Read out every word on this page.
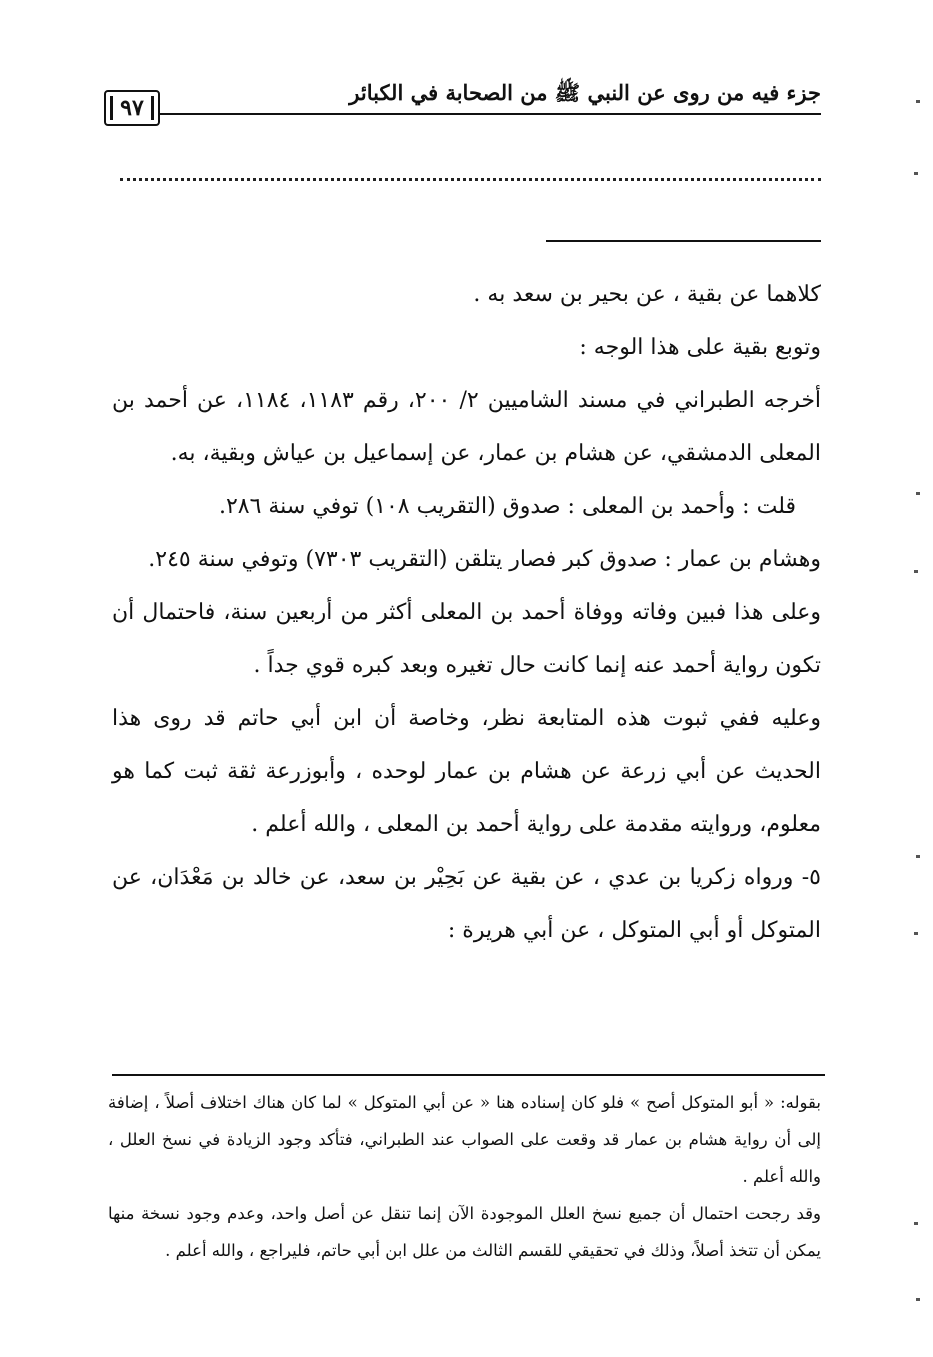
جزء فيه من روى عن النبي ﷺ من الصحابة في الكبائر
٩٧

كلاهما عن بقية ، عن بحير بن سعد به .

وتوبع بقية على هذا الوجه :

أخرجه الطبراني في مسند الشاميين ٢/ ٢٠٠، رقم ١١٨٣، ١١٨٤، عن أحمد بن المعلى الدمشقي، عن هشام بن عمار، عن إسماعيل بن عياش وبقية، به.

قلت : وأحمد بن المعلى : صدوق (التقريب ١٠٨) توفي سنة ٢٨٦.

وهشام بن عمار : صدوق كبر فصار يتلقن (التقريب ٧٣٠٣) وتوفي سنة ٢٤٥.

وعلى هذا فبين وفاته ووفاة أحمد بن المعلى أكثر من أربعين سنة، فاحتمال أن تكون رواية أحمد عنه إنما كانت حال تغيره وبعد كبره قوي جداً .

وعليه ففي ثبوت هذه المتابعة نظر، وخاصة أن ابن أبي حاتم قد روى هذا الحديث عن أبي زرعة عن هشام بن عمار لوحده ، وأبوزرعة ثقة ثبت كما هو معلوم، وروايته مقدمة على رواية أحمد بن المعلى ، والله أعلم .

٥- ورواه زكريا بن عدي ، عن بقية عن بَحِيْر بن سعد، عن خالد بن مَعْدَان، عن المتوكل أو أبي المتوكل ، عن أبي هريرة :

بقوله: « أبو المتوكل أصح » فلو كان إسناده هنا « عن أبي المتوكل » لما كان هناك اختلاف أصلاً ، إضافة إلى أن رواية هشام بن عمار قد وقعت على الصواب عند الطبراني، فتأكد وجود الزيادة في نسخ العلل ، والله أعلم .

وقد رجحت احتمال أن جميع نسخ العلل الموجودة الآن إنما تنقل عن أصل واحد، وعدم وجود نسخة منها يمكن أن تتخذ أصلاً، وذلك في تحقيقي للقسم الثالث من علل ابن أبي حاتم، فليراجع ، والله أعلم .
